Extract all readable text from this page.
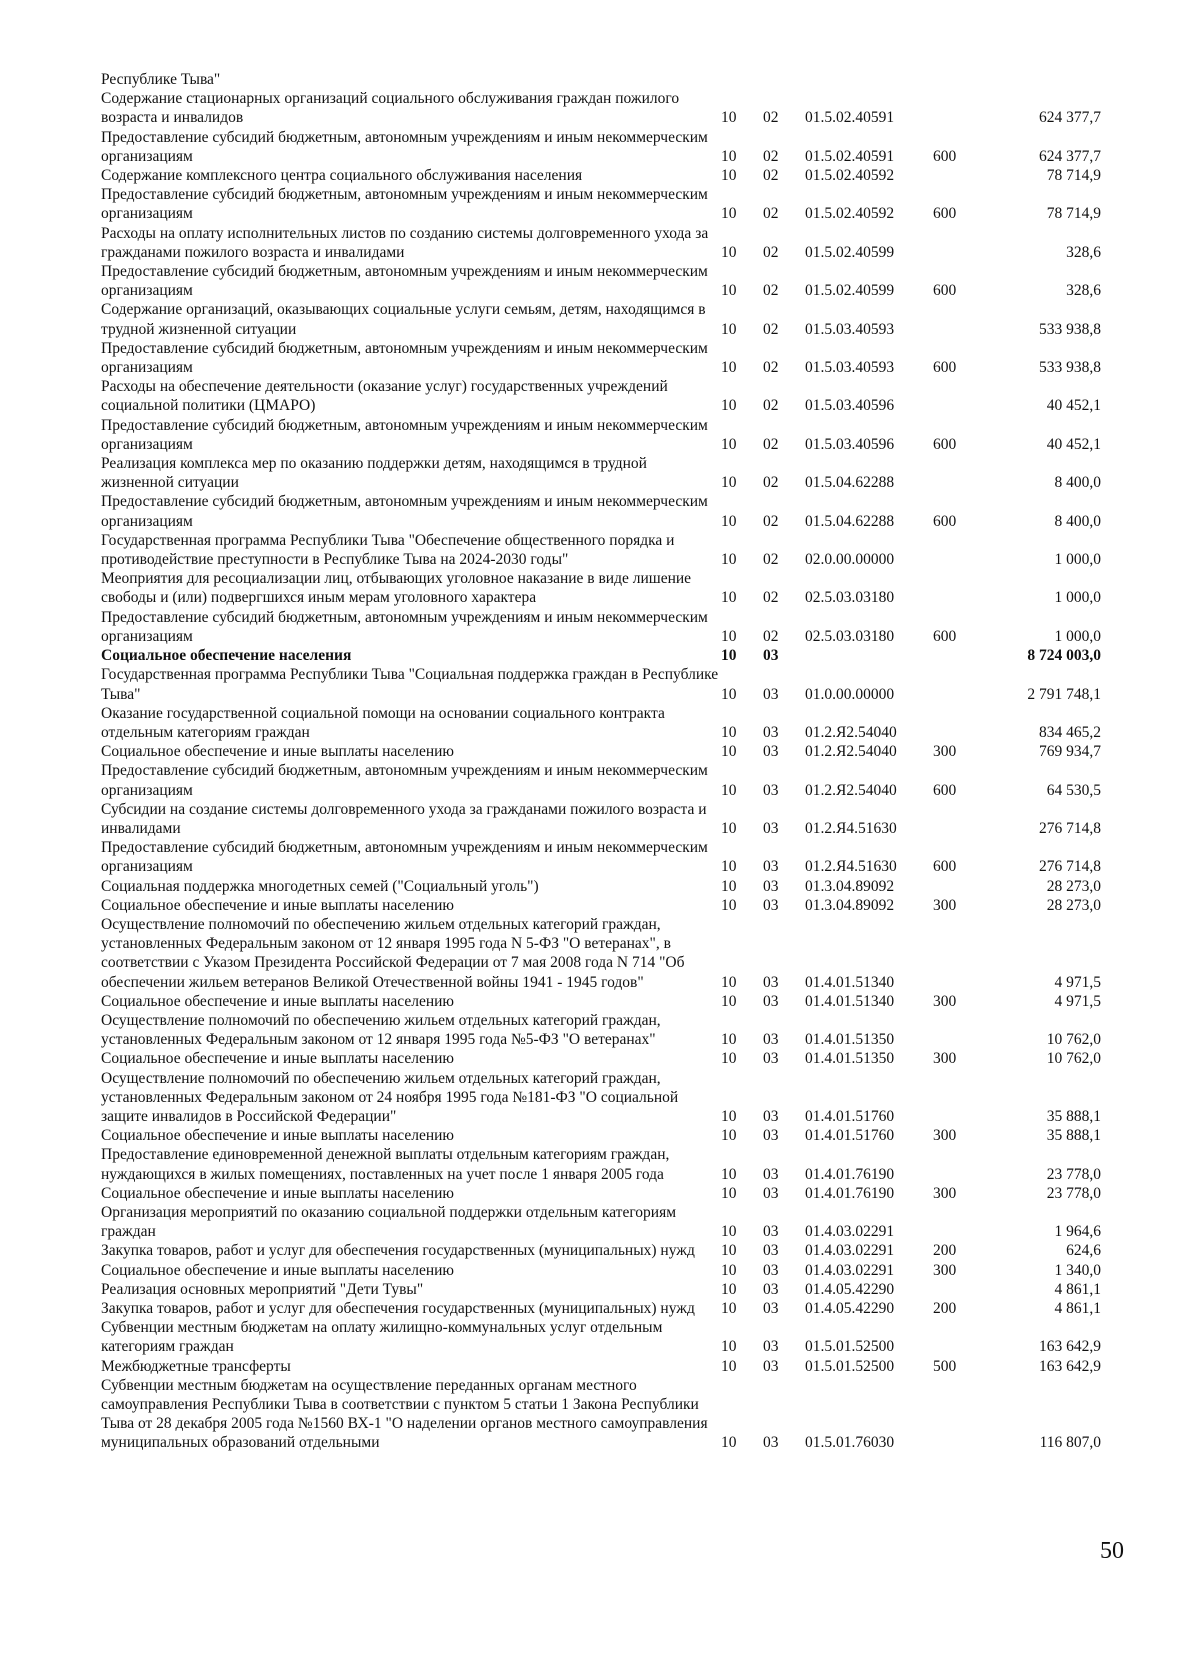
Республике Тыва"					
Содержание стационарных организаций социального обслуживания граждан пожилого возраста и инвалидов	10	02	01.5.02.40591		624 377,7
Предоставление субсидий бюджетным, автономным учреждениям и иным некоммерческим организациям	10	02	01.5.02.40591	600	624 377,7
Содержание комплексного центра социального обслуживания населения	10	02	01.5.02.40592		78 714,9
Предоставление субсидий бюджетным, автономным учреждениям и иным некоммерческим организациям	10	02	01.5.02.40592	600	78 714,9
Расходы на оплату исполнительных листов по созданию системы долговременного ухода за гражданами пожилого возраста и инвалидами	10	02	01.5.02.40599		328,6
Предоставление субсидий бюджетным, автономным учреждениям и иным некоммерческим организациям	10	02	01.5.02.40599	600	328,6
Содержание организаций, оказывающих социальные услуги семьям, детям, находящимся в трудной жизненной ситуации	10	02	01.5.03.40593		533 938,8
Предоставление субсидий бюджетным, автономным учреждениям и иным некоммерческим организациям	10	02	01.5.03.40593	600	533 938,8
Расходы на обеспечение деятельности (оказание услуг) государственных учреждений социальной политики (ЦМАРО)	10	02	01.5.03.40596		40 452,1
Предоставление субсидий бюджетным, автономным учреждениям и иным некоммерческим организациям	10	02	01.5.03.40596	600	40 452,1
Реализация комплекса мер по оказанию поддержки детям, находящимся в трудной жизненной ситуации	10	02	01.5.04.62288		8 400,0
Предоставление субсидий бюджетным, автономным учреждениям и иным некоммерческим организациям	10	02	01.5.04.62288	600	8 400,0
Государственная программа Республики Тыва "Обеспечение общественного порядка и противодействие преступности в Республике Тыва на 2024-2030 годы"	10	02	02.0.00.00000		1 000,0
Меоприятия для ресоциализации лиц, отбывающих уголовное наказание в виде лишение свободы и (или) подвергшихся иным мерам уголовного характера	10	02	02.5.03.03180		1 000,0
Предоставление субсидий бюджетным, автономным учреждениям и иным некоммерческим организациям	10	02	02.5.03.03180	600	1 000,0
Социальное обеспечение населения	10	03			8 724 003,0
Государственная программа Республики Тыва "Социальная поддержка граждан в Республике Тыва"	10	03	01.0.00.00000		2 791 748,1
Оказание государственной социальной помощи на основании социального контракта отдельным категориям граждан	10	03	01.2.Я2.54040		834 465,2
Социальное обеспечение и иные выплаты населению	10	03	01.2.Я2.54040	300	769 934,7
Предоставление субсидий бюджетным, автономным учреждениям и иным некоммерческим организациям	10	03	01.2.Я2.54040	600	64 530,5
Субсидии на создание системы долговременного ухода за гражданами пожилого возраста и инвалидами	10	03	01.2.Я4.51630		276 714,8
Предоставление субсидий бюджетным, автономным учреждениям и иным некоммерческим организациям	10	03	01.2.Я4.51630	600	276 714,8
Социальная поддержка многодетных семей ("Социальный уголь")	10	03	01.3.04.89092		28 273,0
Социальное обеспечение и иные выплаты населению	10	03	01.3.04.89092	300	28 273,0
Осуществление полномочий по обеспечению жильем отдельных категорий граждан, установленных Федеральным законом от 12 января 1995 года N 5-ФЗ "О ветеранах", в соответствии с Указом Президента Российской Федерации от 7 мая 2008 года N 714 "Об обеспечении жильем ветеранов Великой Отечественной войны 1941 - 1945 годов"	10	03	01.4.01.51340		4 971,5
Социальное обеспечение и иные выплаты населению	10	03	01.4.01.51340	300	4 971,5
Осуществление полномочий по обеспечению жильем отдельных категорий граждан, установленных Федеральным законом от 12 января 1995 года №5-ФЗ "О ветеранах"	10	03	01.4.01.51350		10 762,0
Социальное обеспечение и иные выплаты населению	10	03	01.4.01.51350	300	10 762,0
Осуществление полномочий по обеспечению жильем отдельных категорий граждан, установленных Федеральным законом от 24 ноября 1995 года №181-ФЗ "О социальной защите инвалидов в Российской Федерации"	10	03	01.4.01.51760		35 888,1
Социальное обеспечение и иные выплаты населению	10	03	01.4.01.51760	300	35 888,1
Предоставление единовременной денежной выплаты отдельным категориям граждан, нуждающихся в жилых помещениях, поставленных на учет после 1 января 2005 года	10	03	01.4.01.76190		23 778,0
Социальное обеспечение и иные выплаты населению	10	03	01.4.01.76190	300	23 778,0
Организация мероприятий по оказанию социальной поддержки отдельным категориям граждан	10	03	01.4.03.02291		1 964,6
Закупка товаров, работ и услуг для обеспечения государственных (муниципальных) нужд	10	03	01.4.03.02291	200	624,6
Социальное обеспечение и иные выплаты населению	10	03	01.4.03.02291	300	1 340,0
Реализация основных мероприятий "Дети Тувы"	10	03	01.4.05.42290		4 861,1
Закупка товаров, работ и услуг для обеспечения государственных (муниципальных) нужд	10	03	01.4.05.42290	200	4 861,1
Субвенции местным бюджетам на оплату жилищно-коммунальных услуг отдельным категориям граждан	10	03	01.5.01.52500		163 642,9
Межбюджетные трансферты	10	03	01.5.01.52500	500	163 642,9
Субвенции местным бюджетам на осуществление переданных органам местного самоуправления Республики Тыва в соответствии с пунктом 5 статьи 1 Закона Республики Тыва от 28 декабря 2005 года №1560 ВХ-1 "О наделении органов местного самоуправления муниципальных образований отдельными	10	03	01.5.01.76030		116 807,0
50
